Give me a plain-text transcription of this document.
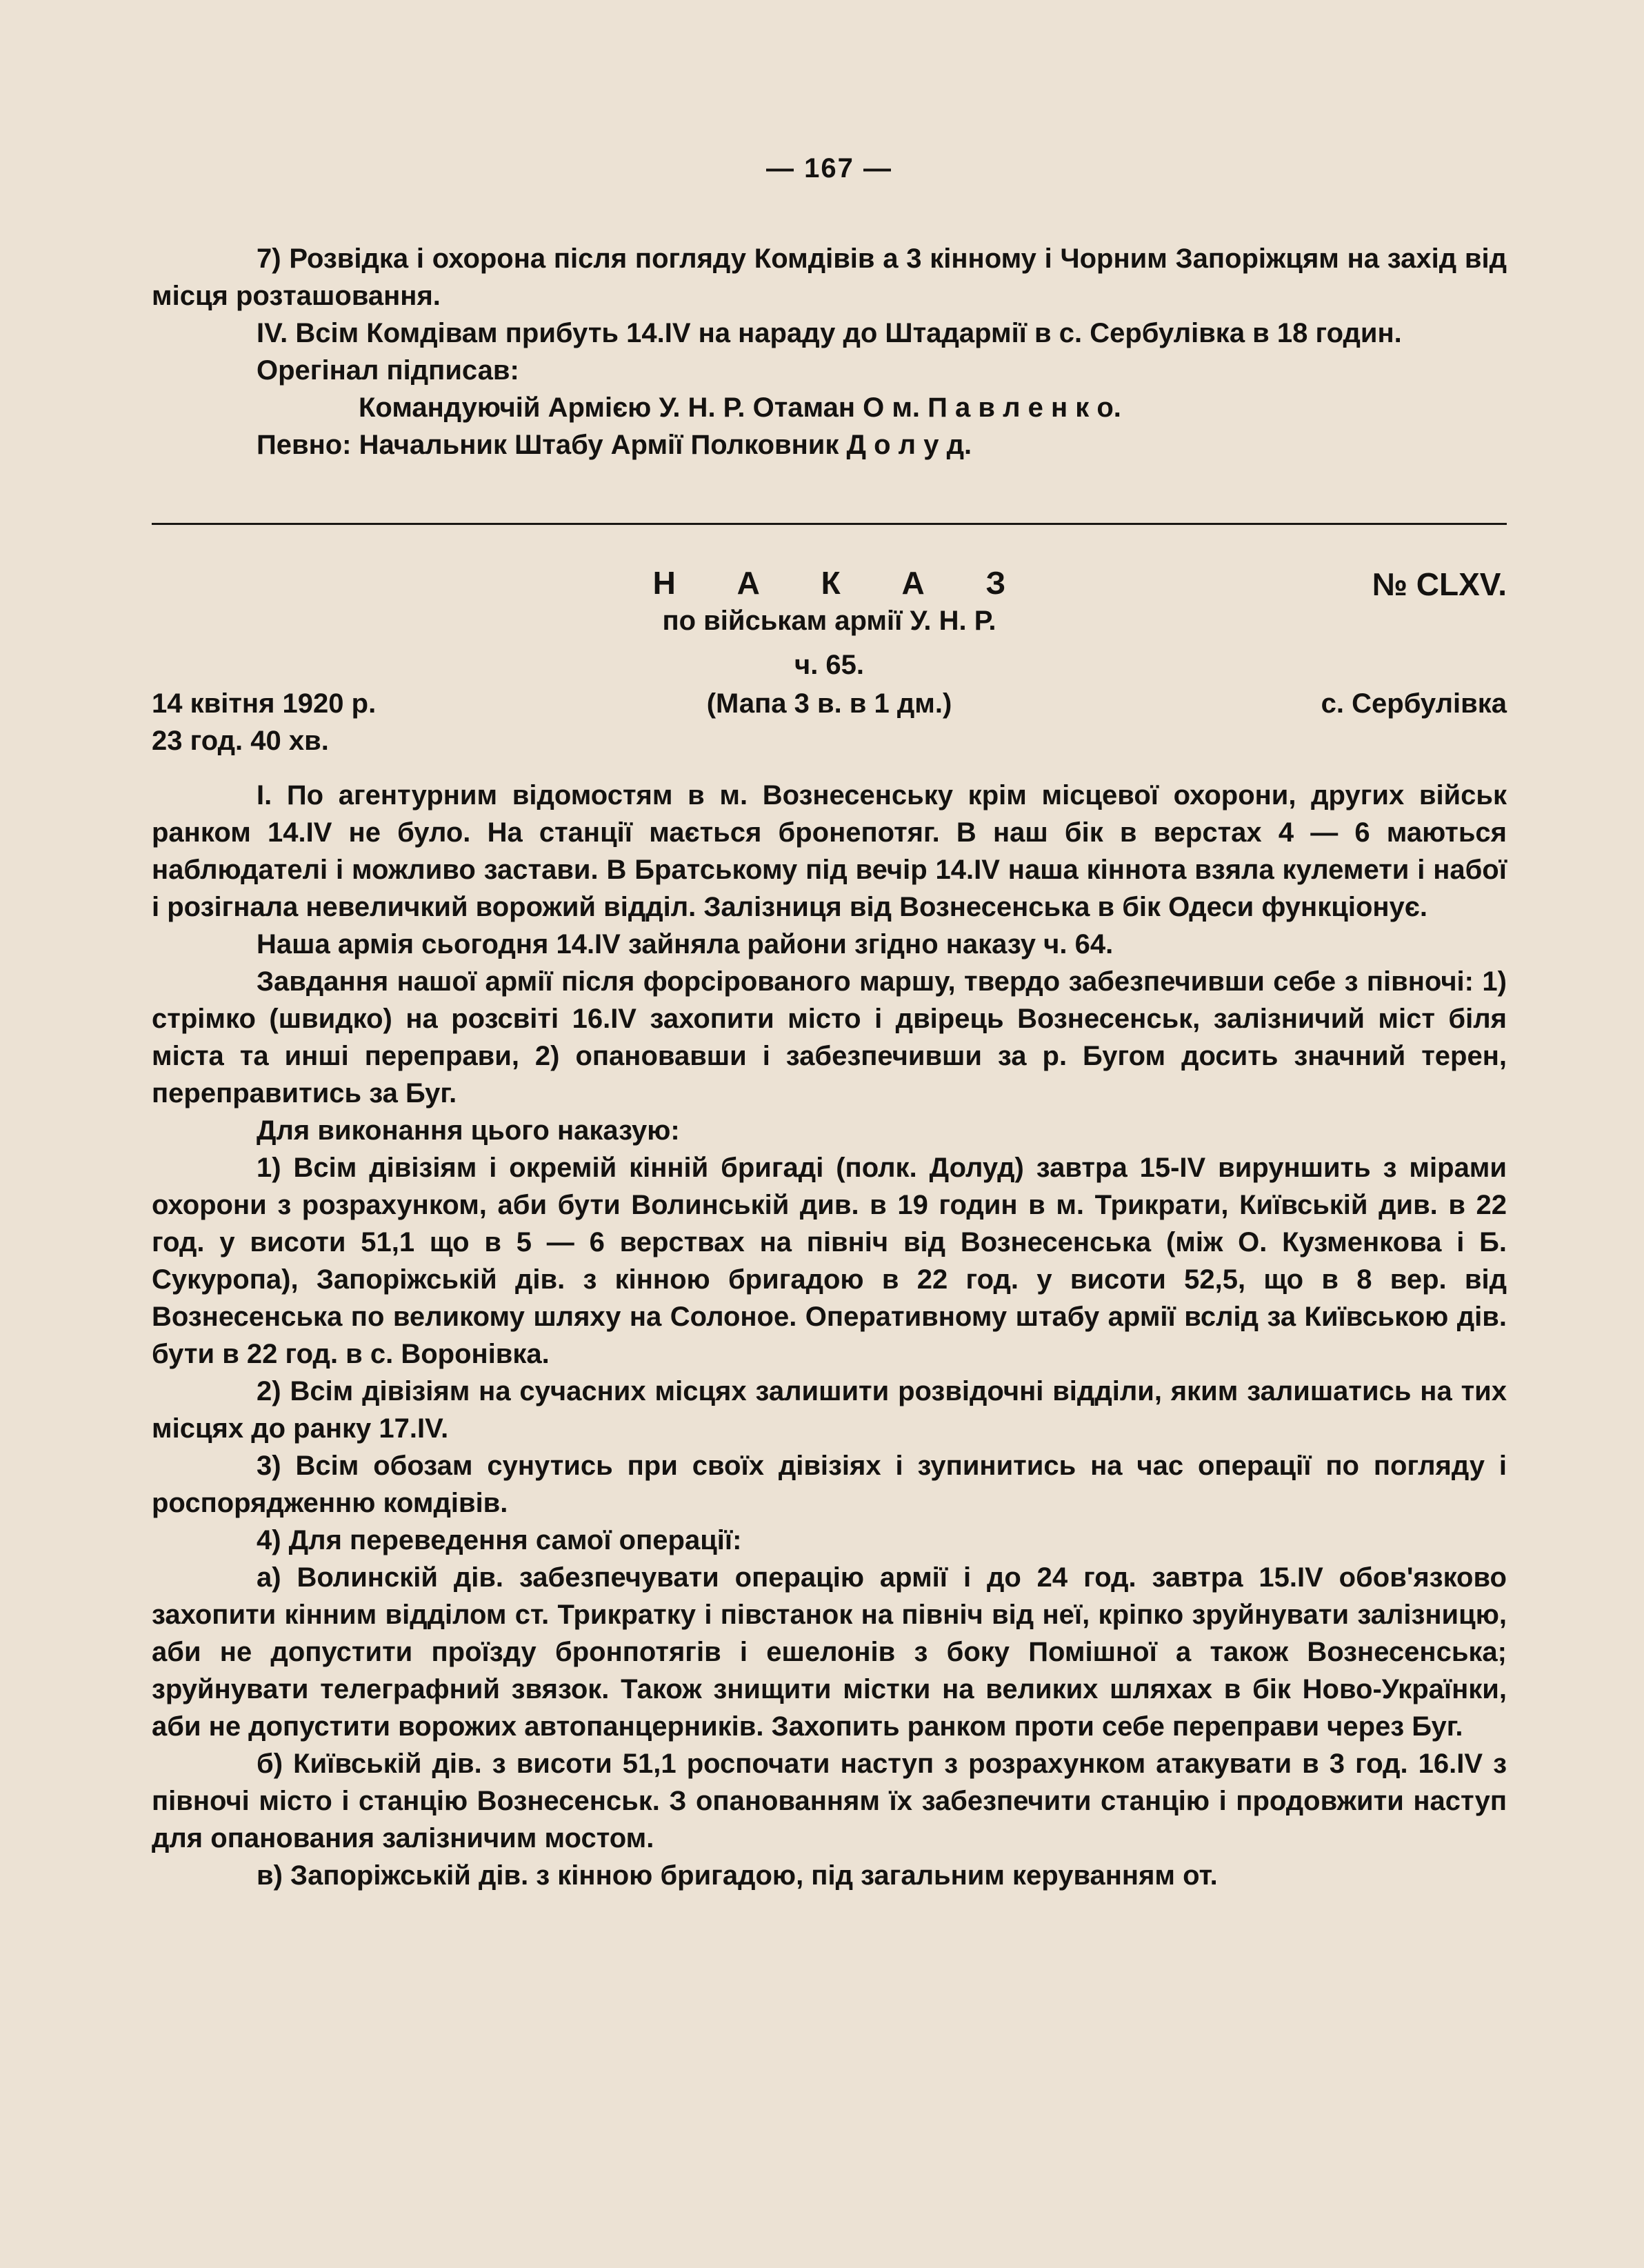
— 167 —

7) Розвідка і охорона після погляду Комдівів а 3 кінному і Чорним Запоріжцям на захід від місця розташовання.

IV. Всім Комдівам прибуть 14.IV на нараду до Штадармії в с. Сербулівка в 18 годин.

Орегінал підписав:

Командуючій Армією У. Н. Р. Отаман О м. П а в л е н к о.

Певно: Начальник Штабу Армії Полковник Д о л у д.

Н А К А З	№ CLXV.
по військам армії У. Н. Р.
ч. 65.
14 квітня 1920 р.	(Мапа 3 в. в 1 дм.)	с. Сербулівка
23 год. 40 хв.

I. По агентурним відомостям в м. Вознесенську крім місцевої охорони, других військ ранком 14.IV не було. На станції мається бронепотяг. В наш бік в верстах 4 — 6 маються наблюдателі і можливо застави. В Братському під вечір 14.IV наша кіннота взяла кулемети і набої і розігнала невеличкий ворожий відділ. Залізниця від Вознесенська в бік Одеси функціонує.

Наша армія сьогодня 14.IV зайняла райони згідно наказу ч. 64.

Завдання нашої армії після форсірованого маршу, твердо забезпечивши себе з півночі: 1) стрімко (швидко) на розсвіті 16.IV захопити місто і двірець Вознесенськ, залізничий міст біля міста та инші переправи, 2) опановавши і забезпечивши за р. Бугом досить значний терен, переправитись за Буг.

Для виконання цього наказую:

1) Всім дівізіям і окремій кінній бригаді (полк. Долуд) завтра 15-IV вируншить з мірами охорони з розрахунком, аби бути Волинській див. в 19 годин в м. Трикрати, Київській див. в 22 год. у висоти 51,1 що в 5 — 6 верствах на північ від Вознесенська (між О. Кузменкова і Б. Сукуропа), Запоріжській дів. з кінною бригадою в 22 год. у висоти 52,5, що в 8 вер. від Вознесенська по великому шляху на Солоное. Оперативному штабу армії вслід за Київською дів. бути в 22 год. в с. Воронівка.

2) Всім дівізіям на сучасних місцях залишити розвідочні відділи, яким залишатись на тих місцях до ранку 17.IV.

3) Всім обозам сунутись при своїх дівізіях і зупинитись на час операції по погляду і роспорядженню комдівів.

4) Для переведення самої операції:

а) Волинскій дів. забезпечувати операцію армії і до 24 год. завтра 15.IV обов'язково захопити кінним відділом ст. Трикратку і півстанок на північ від неї, кріпко зруйнувати залізницю, аби не допустити проїзду бронпотягів і ешелонів з боку Помішної а також Вознесенська; зруйнувати телеграфний звязок. Також знищити містки на великих шляхах в бік Ново-Українки, аби не допустити ворожих автопанцерників. Захопить ранком проти себе переправи через Буг.

б) Київській дів. з висоти 51,1 роспочати наступ з розрахунком атакувати в 3 год. 16.IV з півночі місто і станцію Вознесенськ. З опанованням їх забезпечити станцію і продовжити наступ для опанования залізничим мостом.

в) Запоріжській дів. з кінною бригадою, під загальним керуванням от.
